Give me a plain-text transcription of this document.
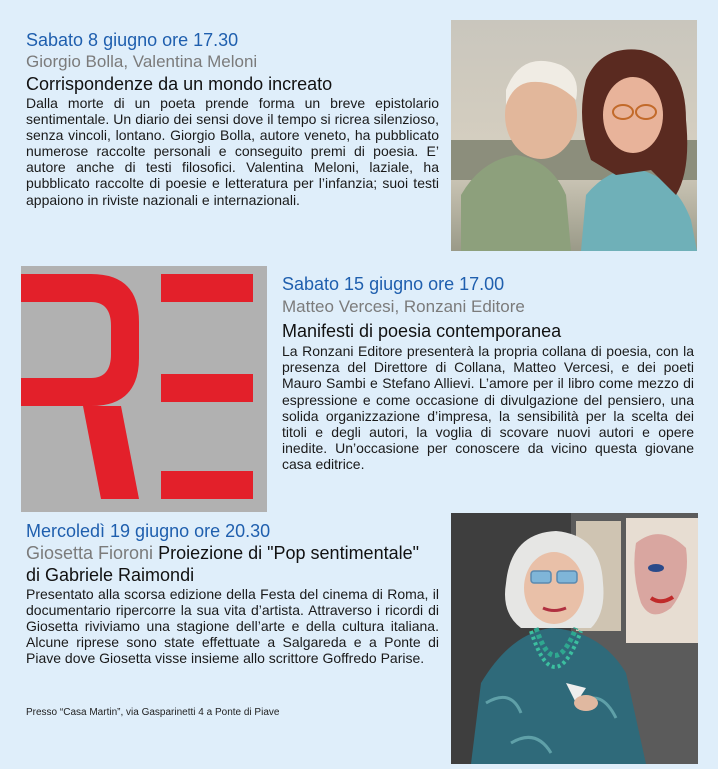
Sabato 8 giugno ore 17.30
Giorgio Bolla, Valentina Meloni
Corrispondenze da un mondo increato
Dalla morte di un poeta prende forma un breve epistolario sentimentale. Un diario dei sensi dove il tempo si ricrea silenzioso, senza vincoli, lontano. Giorgio Bolla, autore veneto, ha pubblicato numerose raccolte personali e conseguito premi di poesia. E’ autore anche di testi filosofici. Valentina Meloni, laziale, ha pubblicato raccolte di poesie e letteratura per l’infanzia; suoi testi appaiono in riviste nazionali e internazionali.
Sabato 15 giugno ore 17.00
Matteo Vercesi, Ronzani Editore
Manifesti di poesia contemporanea
La Ronzani Editore presenterà la propria collana di poesia, con la presenza del Direttore di Collana, Matteo Vercesi, e dei poeti Mauro Sambi e Stefano Allievi. L’amore per il libro come mezzo di espressione e come occasione di divulgazione del pensiero, una solida organizzazione d’impresa, la sensibilità per la scelta dei titoli e degli autori, la voglia di scovare nuovi autori e opere inedite. Un’occasione per conoscere da vicino questa giovane casa editrice.
Mercoledì 19 giugno ore 20.30
Giosetta Fioroni Proiezione di "Pop sentimentale" di Gabriele Raimondi
Presentato alla scorsa edizione della Festa del cinema di Roma, il documentario ripercorre la sua vita d’artista. Attraverso i ricordi di Giosetta riviviamo una stagione dell’arte e della cultura italiana. Alcune riprese sono state effettuate a Salgareda e a Ponte di Piave dove Giosetta visse insieme allo scrittore Goffredo Parise.
Presso “Casa Martin”, via Gasparinetti 4 a Ponte di Piave
